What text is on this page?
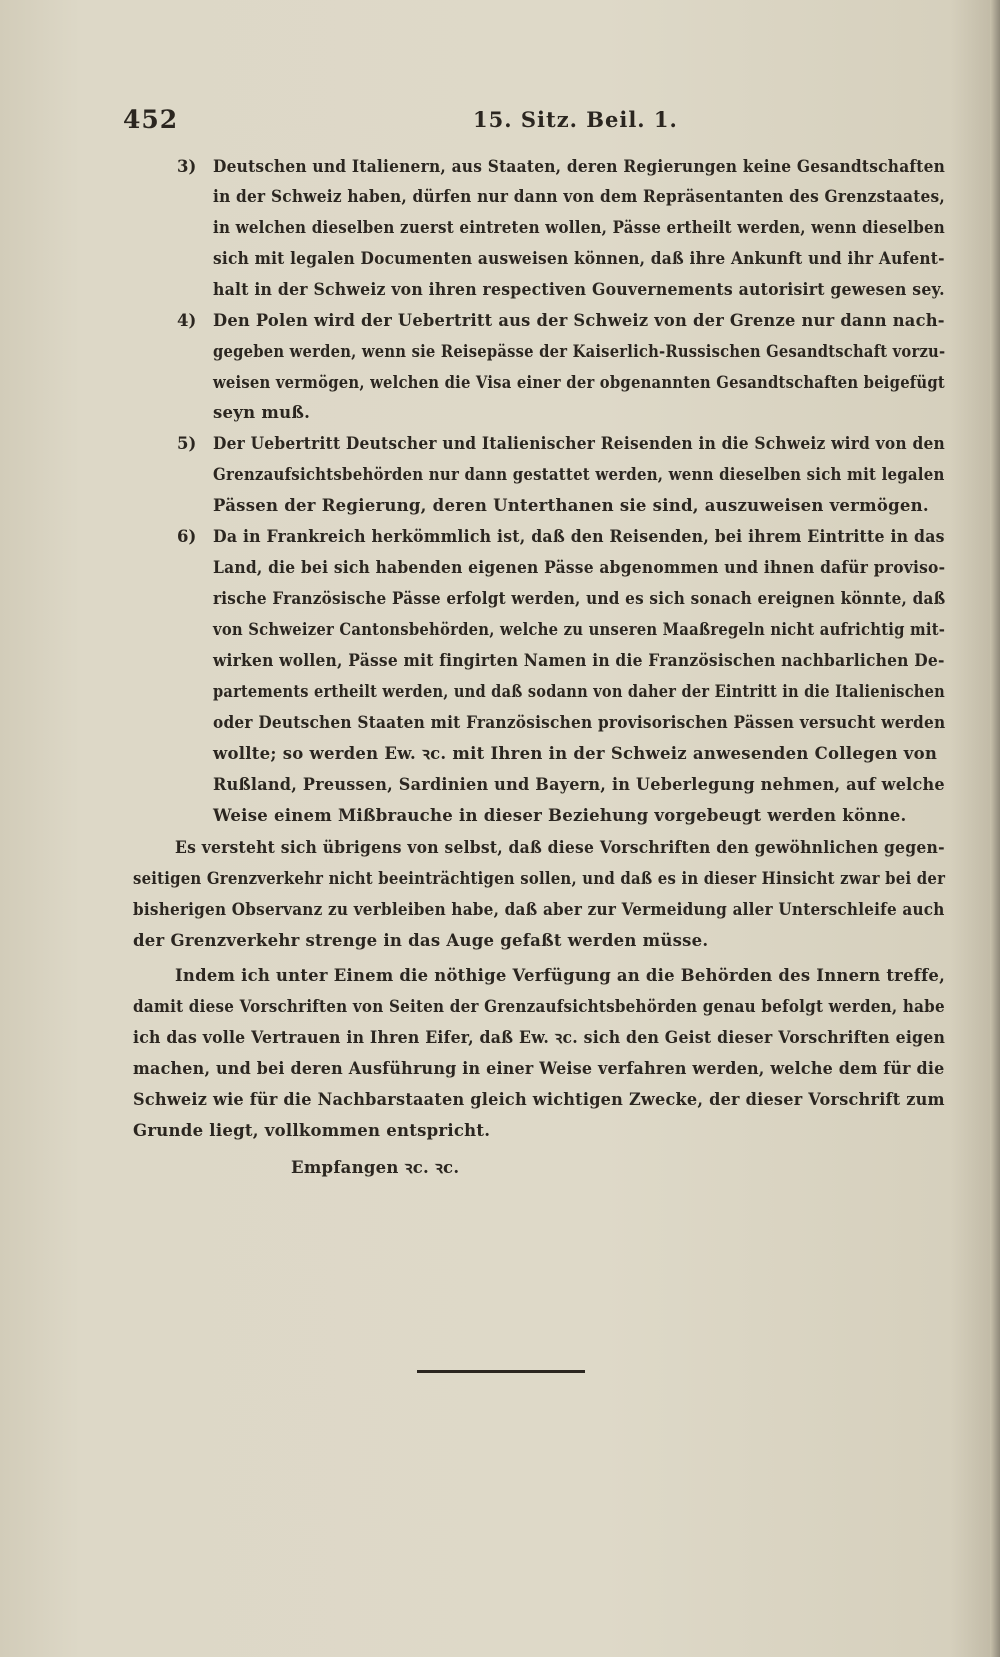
452	15. Sitz. Beil. 1.
3) Deutschen und Italienern, aus Staaten, deren Regierungen keine Gesandtschaften
in der Schweiz haben, dürfen nur dann von dem Repräsentanten des Grenzstaates,
in welchen dieselben zuerst eintreten wollen, Pässe ertheilt werden, wenn dieselben
sich mit legalen Documenten ausweisen können, daß ihre Ankunft und ihr Aufent-
halt in der Schweiz von ihren respectiven Gouvernements autorisirt gewesen sey.
4) Den Polen wird der Uebertritt aus der Schweiz von der Grenze nur dann nach-
gegeben werden, wenn sie Reisepässe der Kaiserlich-Russischen Gesandtschaft vorzu-
weisen vermögen, welchen die Visa einer der obgenannten Gesandtschaften beigefügt
seyn muß.
5) Der Uebertritt Deutscher und Italienischer Reisenden in die Schweiz wird von den
Grenzaufsichtsbehörden nur dann gestattet werden, wenn dieselben sich mit legalen
Pässen der Regierung, deren Unterthanen sie sind, auszuweisen vermögen.
6) Da in Frankreich herkömmlich ist, daß den Reisenden, bei ihrem Eintritte in das
Land, die bei sich habenden eigenen Pässe abgenommen und ihnen dafür proviso-
rische Französische Pässe erfolgt werden, und es sich sonach ereignen könnte, daß
von Schweizer Cantonsbehörden, welche zu unseren Maaßregeln nicht aufrichtig mit-
wirken wollen, Pässe mit fingirten Namen in die Französischen nachbarlichen De-
partements ertheilt werden, und daß sodann von daher der Eintritt in die Italienischen
oder Deutschen Staaten mit Französischen provisorischen Pässen versucht werden
wollte; so werden Ew. ꝛc. mit Ihren in der Schweiz anwesenden Collegen von
Rußland, Preussen, Sardinien und Bayern, in Ueberlegung nehmen, auf welche
Weise einem Mißbrauche in dieser Beziehung vorgebeugt werden könne.
Es versteht sich übrigens von selbst, daß diese Vorschriften den gewöhnlichen gegen-
seitigen Grenzverkehr nicht beeinträchtigen sollen, und daß es in dieser Hinsicht zwar bei der
bisherigen Observanz zu verbleiben habe, daß aber zur Vermeidung aller Unterschleife auch
der Grenzverkehr strenge in das Auge gefaßt werden müsse.
Indem ich unter Einem die nöthige Verfügung an die Behörden des Innern treffe,
damit diese Vorschriften von Seiten der Grenzaufsichtsbehörden genau befolgt werden, habe
ich das volle Vertrauen in Ihren Eifer, daß Ew. ꝛc. sich den Geist dieser Vorschriften eigen
machen, und bei deren Ausführung in einer Weise verfahren werden, welche dem für die
Schweiz wie für die Nachbarstaaten gleich wichtigen Zwecke, der dieser Vorschrift zum
Grunde liegt, vollkommen entspricht.
Empfangen ꝛc. ꝛc.
